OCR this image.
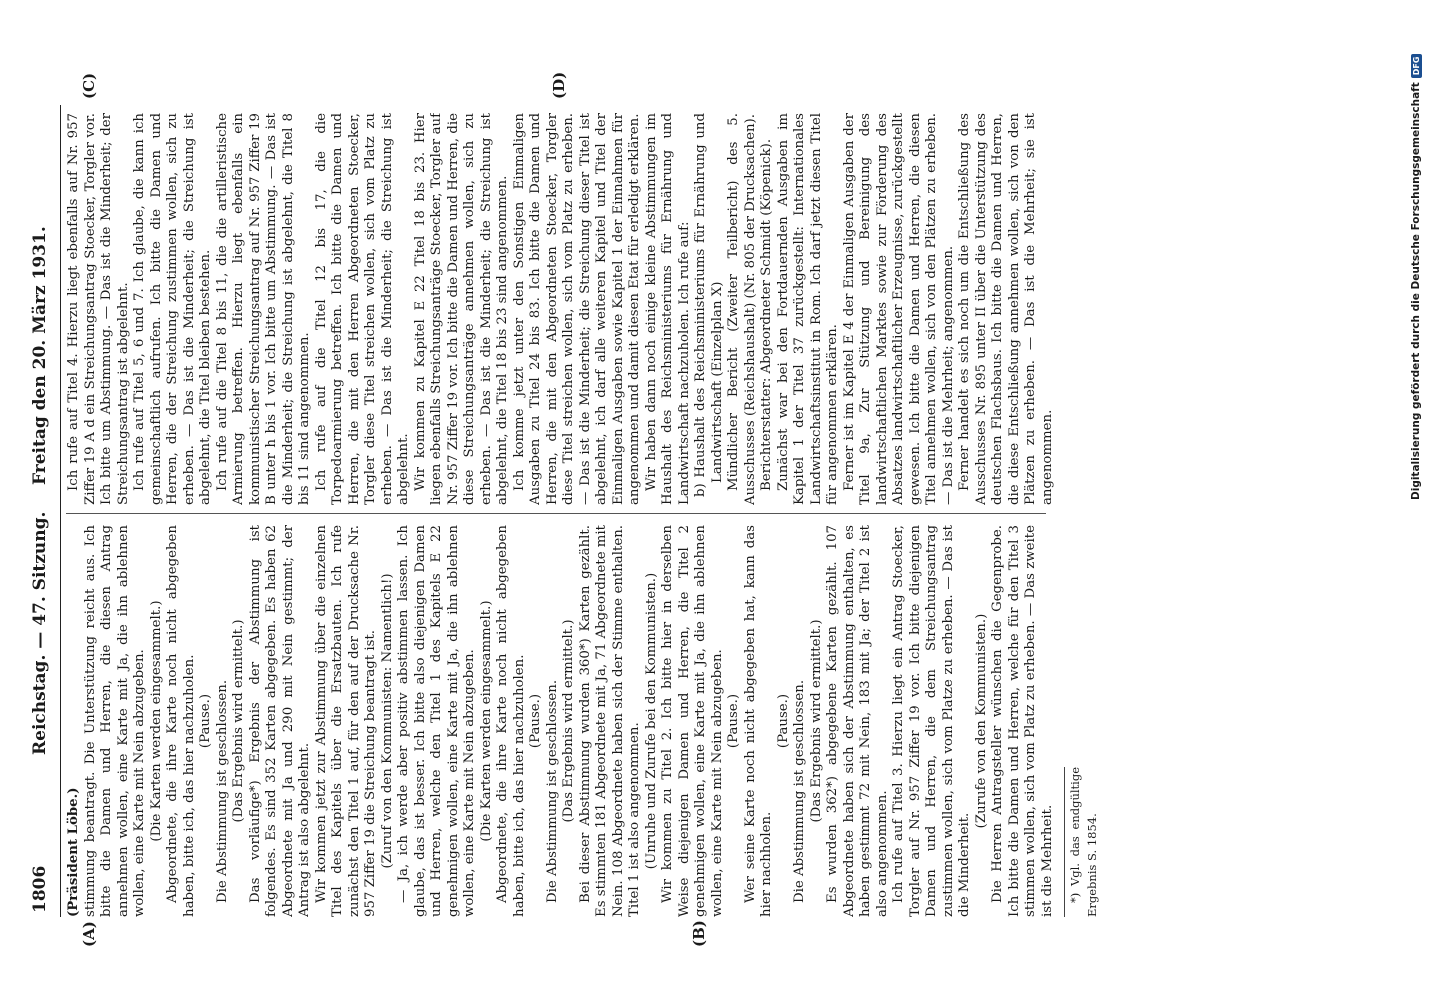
1806
Reichstag. — 47. Sitzung.
Freitag den 20. März 1931.
(A)	(B)
(C)	(D)

(Präsident Löbe.) stimmung beantragt. Die Unterstützung reicht aus. Ich bitte die Damen und Herren, die diesen Antrag annehmen wollen, eine Karte mit Ja, die ihn ablehnen wollen, eine Karte mit Nein abzugeben. (Die Karten werden eingesammelt.) Abgeordnete, die ihre Karte noch nicht abgegeben haben, bitte ich, das hier nachzuholen. (Pause.) Die Abstimmung ist geschlossen. (Das Ergebnis wird ermittelt.) Das vorläufige*) Ergebnis der Abstimmung ist folgendes. Es sind 352 Karten abgegeben. Es haben 62 Abgeordnete mit Ja und 290 mit Nein gestimmt; der Antrag ist also abgelehnt. Wir kommen jetzt zur Abstimmung über die einzelnen Titel des Kapitels über die Ersatzbauten. Ich rufe zunächst den Titel 1 auf, für den auf der Drucksache Nr. 957 Ziffer 19 die Streichung beantragt ist. (Zuruf von den Kommunisten: Namentlich!) — Ja, ich werde aber positiv abstimmen lassen. Ich glaube, das ist besser. Ich bitte also diejenigen Damen und Herren, welche den Titel 1 des Kapitels E 22 genehmigen wollen, eine Karte mit Ja, die ihn ablehnen wollen, eine Karte mit Nein abzugeben. (Die Karten werden eingesammelt.) Abgeordnete, die ihre Karte noch nicht abgegeben haben, bitte ich, das hier nachzuholen. (Pause.) Die Abstimmung ist geschlossen. (Das Ergebnis wird ermittelt.) Bei dieser Abstimmung wurden 360*) Karten gezählt. Es stimmten 181 Abgeordnete mit Ja, 71 Abgeordnete mit Nein. 108 Abgeordnete haben sich der Stimme enthalten. Titel 1 ist also angenommen. (Unruhe und Zurufe bei den Kommunisten.) Wir kommen zu Titel 2. Ich bitte hier in derselben Weise diejenigen Damen und Herren, die Titel 2 genehmigen wollen, eine Karte mit Ja, die ihn ablehnen wollen, eine Karte mit Nein abzugeben. (Pause.) Wer seine Karte noch nicht abgegeben hat, kann das hier nachholen.

(Pause.) Die Abstimmung ist geschlossen. (Das Ergebnis wird ermittelt.) Es wurden 362*) abgegebene Karten gezählt. 107 Abgeordnete haben sich der Abstimmung enthalten, es haben gestimmt 72 mit Nein, 183 mit Ja; der Titel 2 ist also angenommen. Ich rufe auf Titel 3. Hierzu liegt ein Antrag Stoecker, Torgler auf Nr. 957 Ziffer 19 vor. Ich bitte diejenigen Damen und Herren, die dem Streichungsantrag zustimmen wollen, sich vom Platze zu erheben. — Das ist die Minderheit.

(Zurufe von den Kommunisten.) Die Herren Antragsteller wünschen die Gegenprobe. Ich bitte die Damen und Herren, welche für den Titel 3 stimmen wollen, sich vom Platz zu erheben. — Das zweite ist die Mehrheit.	*) Vgl. das endgültige Ergebnis S. 1854.

Ich rufe auf Titel 4. Hierzu liegt ebenfalls auf Nr. 957 Ziffer 19 A d ein Streichungsantrag Stoecker, Torgler vor. Ich bitte um Abstimmung. — Das ist die Minderheit; der Streichungsantrag ist abgelehnt. Ich rufe auf Titel 5, 6 und 7. Ich glaube, die kann ich gemeinschaftlich aufrufen. Ich bitte die Damen und Herren, die der Streichung zustimmen wollen, sich zu erheben. — Das ist die Minderheit; die Streichung ist abgelehnt, die Titel bleiben bestehen. Ich rufe auf die Titel 8 bis 11, die die artilleristische Armierung betreffen. Hierzu liegt ebenfalls ein kommunistischer Streichungsantrag auf Nr. 957 Ziffer 19 B unter h bis 1 vor. Ich bitte um Abstimmung. — Das ist die Minderheit; die Streichung ist abgelehnt, die Titel 8 bis 11 sind angenommen. Ich rufe auf die Titel 12 bis 17, die die Torpedoarmierung betreffen. Ich bitte die Damen und Herren, die mit den Herren Abgeordneten Stoecker, Torgler diese Titel streichen wollen, sich vom Platz zu erheben. — Das ist die Minderheit; die Streichung ist abgelehnt. Wir kommen zu Kapitel E 22 Titel 18 bis 23. Hier liegen ebenfalls Streichungsanträge Stoecker, Torgler auf Nr. 957 Ziffer 19 vor. Ich bitte die Damen und Herren, die diese Streichungsanträge annehmen wollen, sich zu erheben. — Das ist die Minderheit; die Streichung ist abgelehnt, die Titel 18 bis 23 sind angenommen. Ich komme jetzt unter den Sonstigen Einmaligen Ausgaben zu Titel 24 bis 83. Ich bitte die Damen und Herren, die mit den Abgeordneten Stoecker, Torgler diese Titel streichen wollen, sich vom Platz zu erheben. — Das ist die Minderheit; die Streichung dieser Titel ist abgelehnt, ich darf alle weiteren Kapitel und Titel der Einmaligen Ausgaben sowie Kapitel 1 der Einnahmen für angenommen und damit diesen Etat für erledigt erklären. Wir haben dann noch einige kleine Abstimmungen im Haushalt des Reichsministeriums für Ernährung und Landwirtschaft nachzuholen. Ich rufe auf: b) Haushalt des Reichsministeriums für Ernährung und Landwirtschaft (Einzelplan X) Mündlicher Bericht (Zweiter Teilbericht) des 5. Ausschusses (Reichshaushalt) (Nr. 805 der Drucksachen). Berichterstatter: Abgeordneter Schmidt (Köpenick). Zunächst war bei den Fortdauernden Ausgaben im Kapitel 1 der Titel 37 zurückgestellt: Internationales Landwirtschaftsinstitut in Rom. Ich darf jetzt diesen Titel für angenommen erklären. Ferner ist im Kapitel E 4 der Einmaligen Ausgaben der Titel 9a, Zur Stützung und Bereinigung des landwirtschaftlichen Marktes sowie zur Förderung des Absatzes landwirtschaftlicher Erzeugnisse, zurückgestellt gewesen. Ich bitte die Damen und Herren, die diesen Titel annehmen wollen, sich von den Plätzen zu erheben. — Das ist die Mehrheit; angenommen. Ferner handelt es sich noch um die Entschließung des Ausschusses Nr. 895 unter II über die Unterstützung des deutschen Flachsbaus. Ich bitte die Damen und Herren, die diese Entschließung annehmen wollen, sich von den Plätzen zu erheben. — Das ist die Mehrheit; sie ist angenommen.	Digitalisierung gefördert durch die Deutsche Forschungsgemeinschaft
DFG
